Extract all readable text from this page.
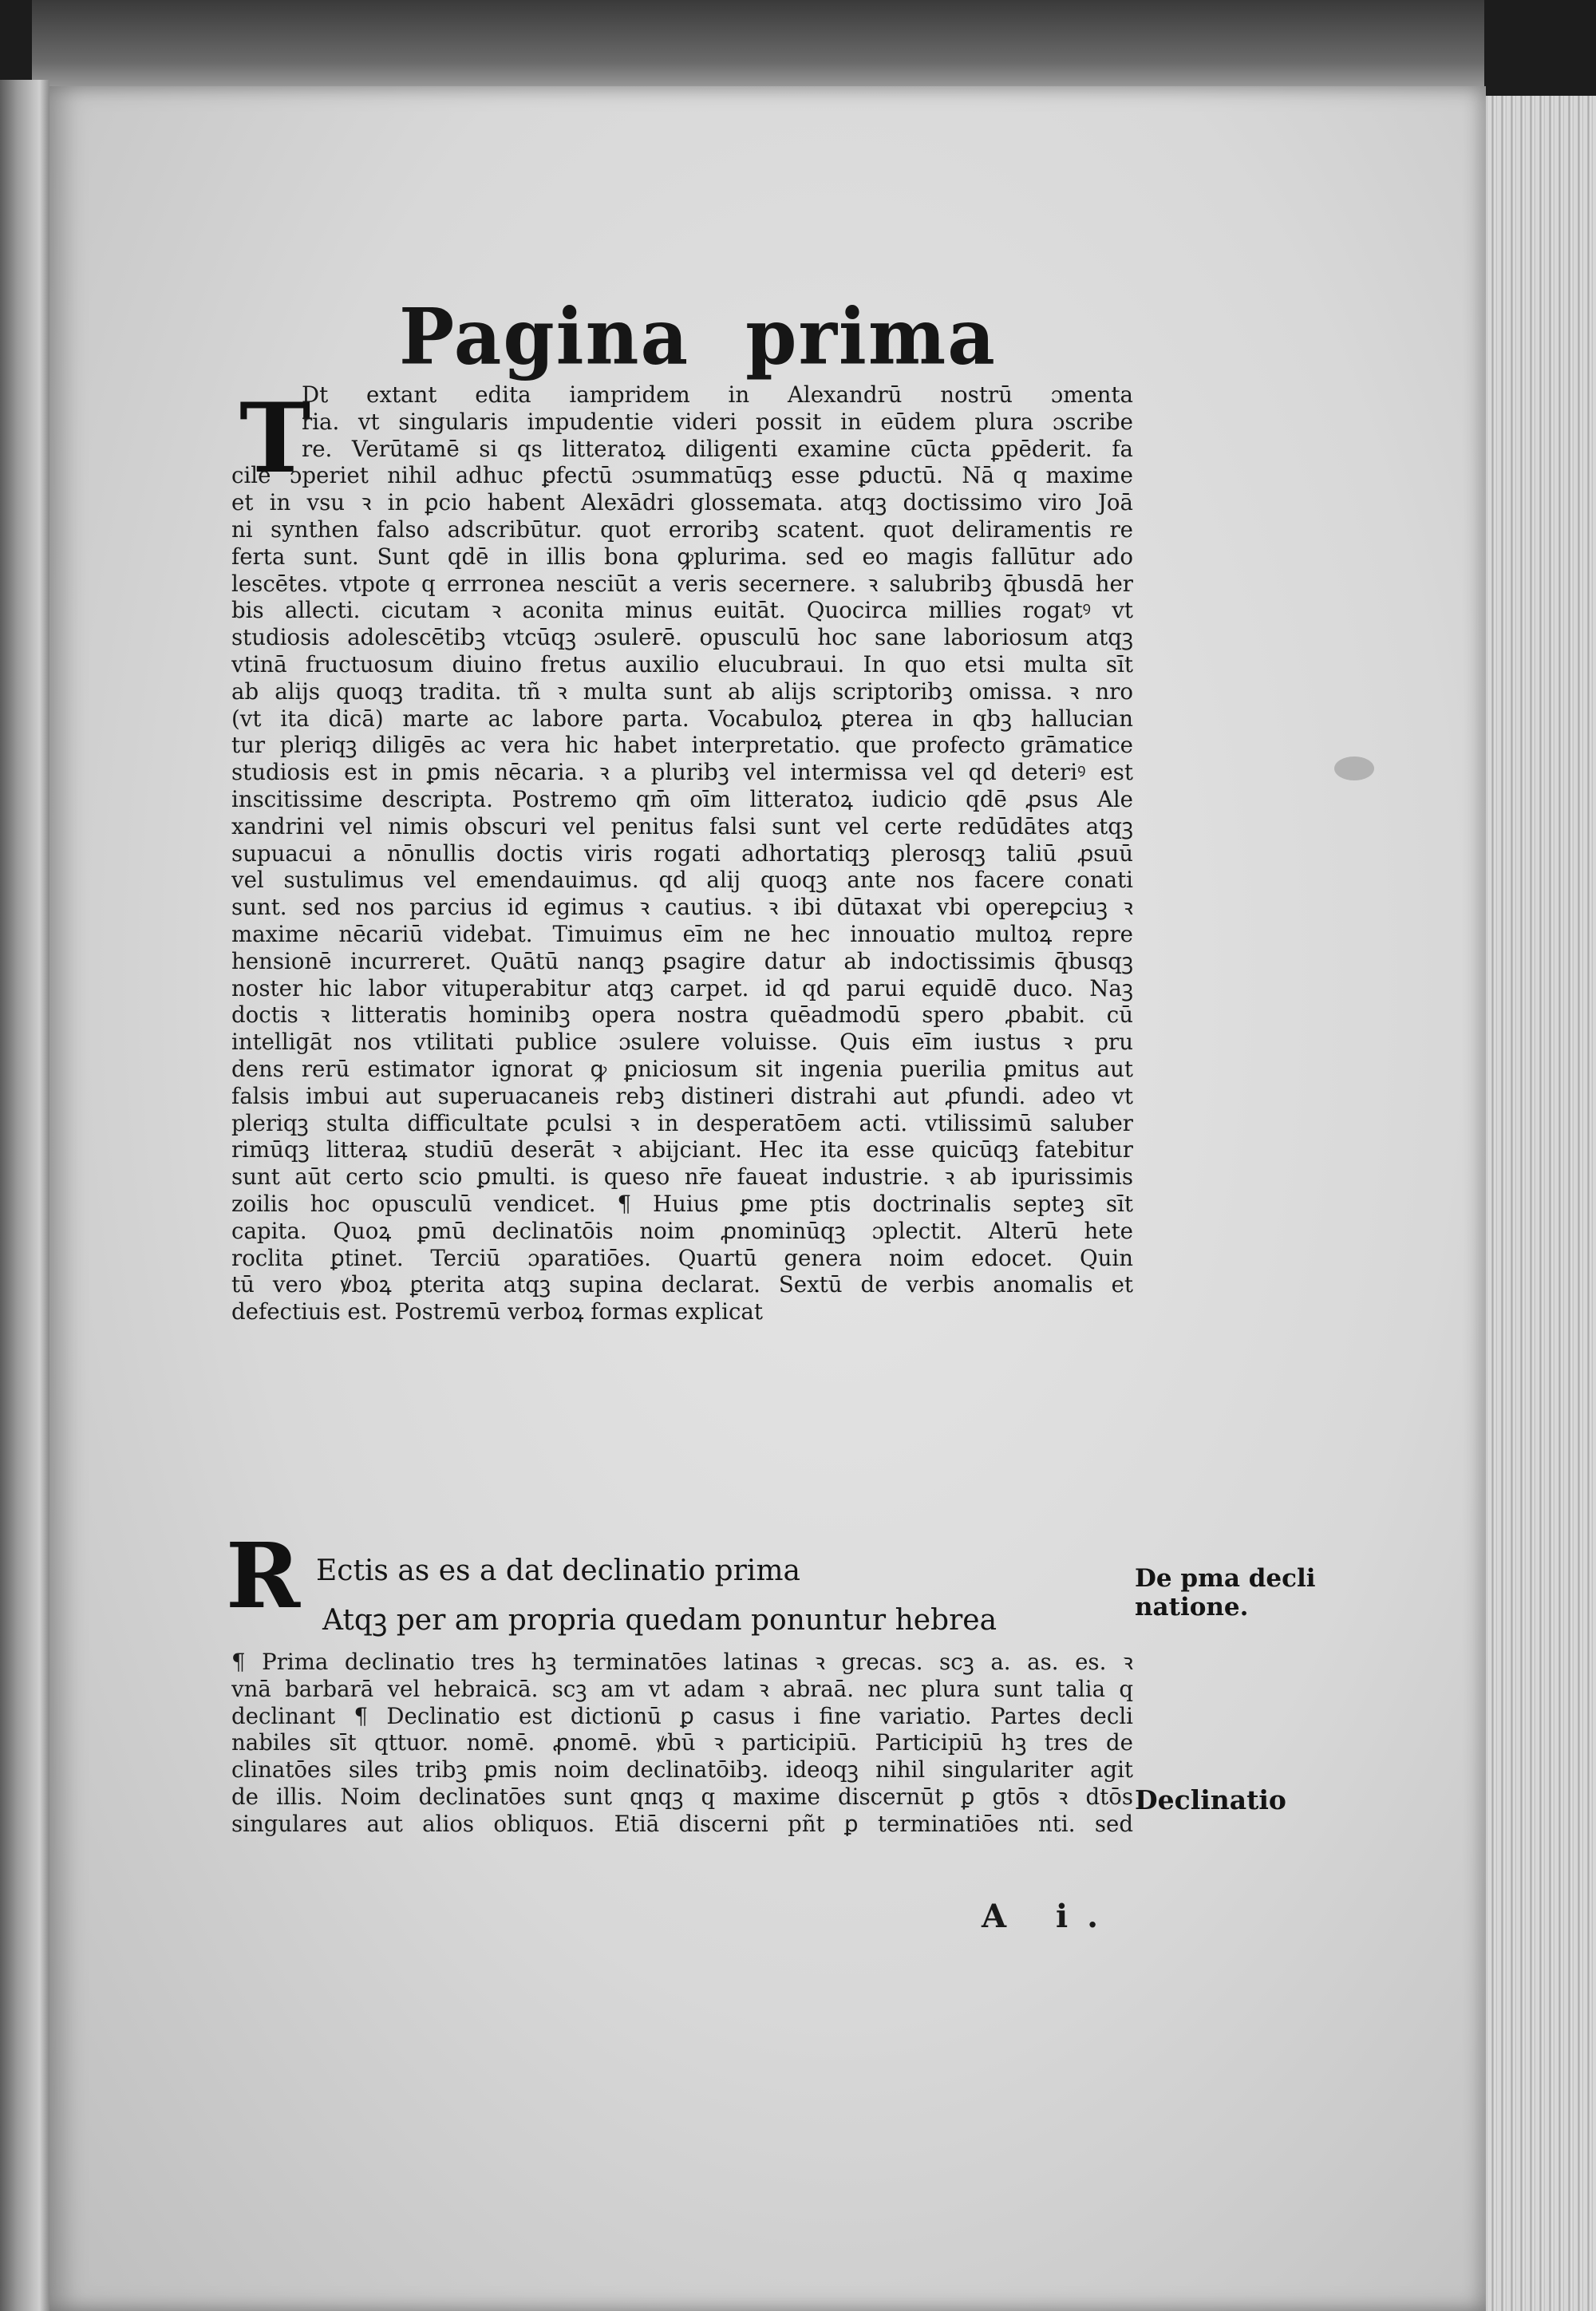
Pagina prima
T
Dt extant edita iampridem in Alexandrū nostrū ɔmenta
ria. vt singularis impudentie videri possit in eūdem plura ɔscribe
re. Verūtamē si qs litteratoꝝ diligenti examine cūcta ꝑpēderit. fa
cile ɔperiet nihil adhuc ꝑfectū ɔsummatūqꝫ esse ꝑductū. Nā q maxime
et in vsu ꝛ in ꝑcio habent Alexādri glossemata. atqꝫ doctissimo viro Joā
ni synthen falso adscribūtur. quot erroribꝫ scatent. quot deliramentis re
ferta sunt. Sunt qdē in illis bona ꝙplurima. sed eo magis fallūtur ado
lescētes. vtpote q errronea nesciūt a veris secernere. ꝛ salubribꝫ q̄busdā her
bis allecti. cicutam ꝛ aconita minus euitāt. Quocirca millies rogatꝰ vt
studiosis adolescētibꝫ vtcūqꝫ ɔsulerē. opusculū hoc sane laboriosum atqꝫ
vtinā fructuosum diuino fretus auxilio elucubraui. In quo etsi multa sīt
ab alijs quoqꝫ tradita. tñ ꝛ multa sunt ab alijs scriptoribꝫ omissa. ꝛ nro
(vt ita dicā) marte ac labore parta. Vocabuloꝝ ꝑterea in qbꝫ hallucian
tur pleriqꝫ diligēs ac vera hic habet interpretatio. que profecto grāmatice
studiosis est in ꝑmis nēcaria. ꝛ a pluribꝫ vel intermissa vel qd deteriꝰ est
inscitissime descripta. Postremo qm̄ oīm litteratoꝝ iudicio qdē ꝓsus Ale
xandrini vel nimis obscuri vel penitus falsi sunt vel certe redūdātes atqꝫ
supuacui a nōnullis doctis viris rogati adhortatiqꝫ plerosqꝫ taliū ꝓsuū
vel sustulimus vel emendauimus. qd alij quoqꝫ ante nos facere conati
sunt. sed nos parcius id egimus ꝛ cautius. ꝛ ibi dūtaxat vbi opereꝑciuꝫ ꝛ
maxime nēcariū videbat. Timuimus eīm ne hec innouatio multoꝝ repre
hensionē incurreret. Quātū nanqꝫ ꝑsagire datur ab indoctissimis q̄busqꝫ
noster hic labor vituperabitur atqꝫ carpet. id qd parui equidē duco. Naꝫ
doctis ꝛ litteratis hominibꝫ opera nostra quēadmodū spero ꝓbabit. cū
intelligāt nos vtilitati publice ɔsulere voluisse. Quis eīm iustus ꝛ pru
dens rerū estimator ignorat ꝙ ꝑniciosum sit ingenia puerilia ꝑmitus aut
falsis imbui aut superuacaneis rebꝫ distineri distrahi aut ꝓfundi. adeo vt
pleriqꝫ stulta difficultate ꝑculsi ꝛ in desperatōem acti. vtilissimū saluber
rimūqꝫ litteraꝝ studiū deserāt ꝛ abijciant. Hec ita esse quicūqꝫ fatebitur
sunt aūt certo scio ꝑmulti. is queso nr̄e faueat industrie. ꝛ ab ipurissimis
zoilis hoc opusculū vendicet. ¶ Huius ꝑme ptis doctrinalis septeꝫ sīt
capita. Quoꝝ ꝑmū declinatōis noim ꝓnominūqꝫ ɔplectit. Alterū hete
roclita ꝑtinet. Terciū ɔparatiōes. Quartū genera noim edocet. Quin
tū vero ꝟboꝝ ꝑterita atqꝫ supina declarat. Sextū de verbis anomalis et
defectiuis est. Postremū verboꝝ formas explicat
R Ectis as es a dat declinatio prima
Atqꝫ per am propria quedam ponuntur hebrea
¶ Prima declinatio tres hꝫ terminatōes latinas ꝛ grecas. scꝫ a. as. es. ꝛ
vnā barbarā vel hebraicā. scꝫ am vt adam ꝛ abraā. nec plura sunt talia q
declinant ¶ Declinatio est dictionū ꝑ casus i fine variatio. Partes decli
nabiles sīt qttuor. nomē. ꝓnomē. ꝟbū ꝛ participiū. Participiū hꝫ tres de
clinatōes siles tribꝫ ꝑmis noim declinatōibꝫ. ideoqꝫ nihil singulariter agit
de illis. Noim declinatōes sunt qnqꝫ q maxime discernūt ꝑ gtōs ꝛ dtōs
singulares aut alios obliquos. Etiā discerni pñt ꝑ terminatiōes nti. sed
De pma decli
natione.
Declinatio
A i.
